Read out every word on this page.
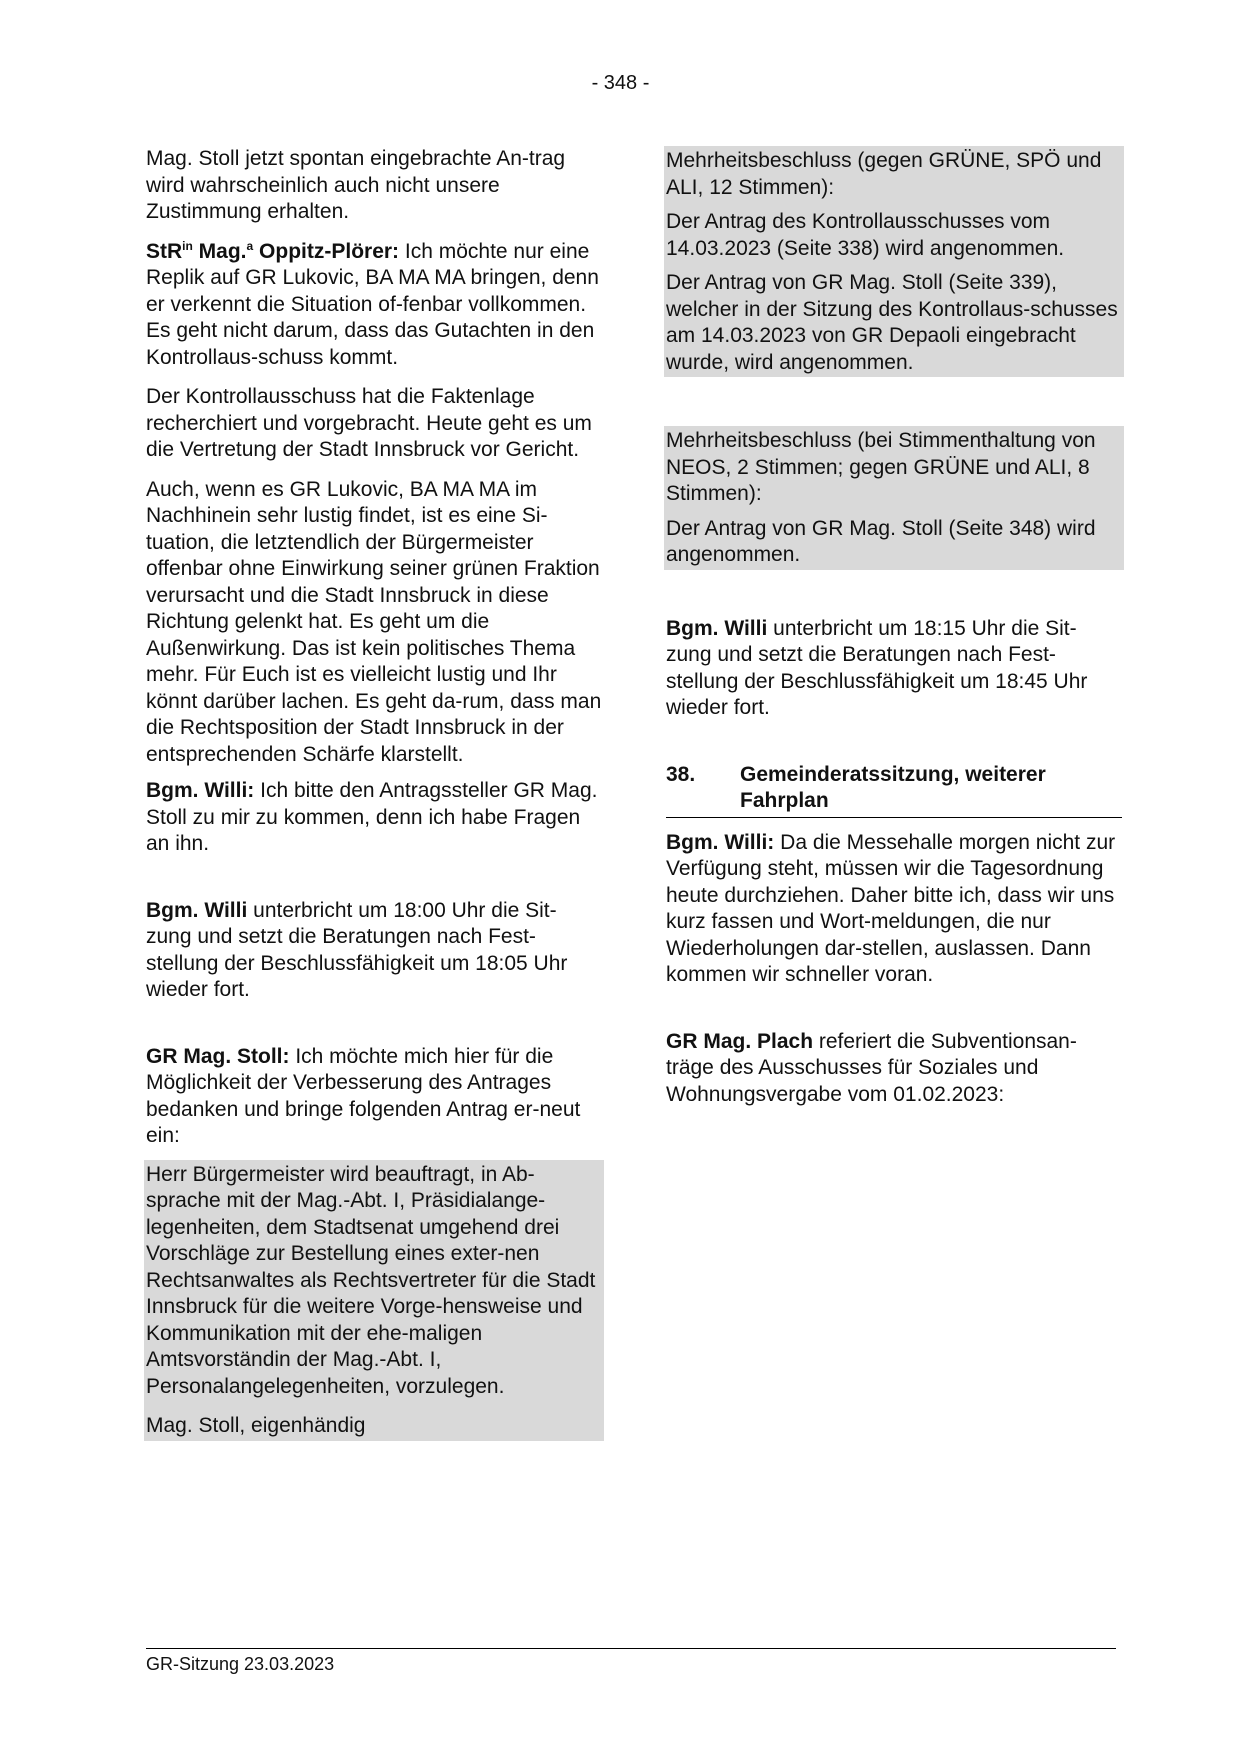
- 348 -

Mag. Stoll jetzt spontan eingebrachte An-trag wird wahrscheinlich auch nicht unsere Zustimmung erhalten.

StR$^{in}$ Mag.$^a$ Oppitz-Plörer: Ich möchte nur eine Replik auf GR Lukovic, BA MA MA bringen, denn er verkennt die Situation of-fenbar vollkommen. Es geht nicht darum, dass das Gutachten in den Kontrollaus-schuss kommt.

Der Kontrollausschuss hat die Faktenlage recherchiert und vorgebracht. Heute geht es um die Vertretung der Stadt Innsbruck vor Gericht.

Auch, wenn es GR Lukovic, BA MA MA im Nachhinein sehr lustig findet, ist es eine Si-tuation, die letztendlich der Bürgermeister offenbar ohne Einwirkung seiner grünen Fraktion verursacht und die Stadt Innsbruck in diese Richtung gelenkt hat. Es geht um die Außenwirkung. Das ist kein politisches Thema mehr. Für Euch ist es vielleicht lustig und Ihr könnt darüber lachen. Es geht da-rum, dass man die Rechtsposition der Stadt Innsbruck in der entsprechenden Schärfe klarstellt.

Bgm. Willi: Ich bitte den Antragssteller GR Mag. Stoll zu mir zu kommen, denn ich habe Fragen an ihn.

Bgm. Willi unterbricht um 18:00 Uhr die Sit-zung und setzt die Beratungen nach Fest-stellung der Beschlussfähigkeit um 18:05 Uhr wieder fort.

GR Mag. Stoll: Ich möchte mich hier für die Möglichkeit der Verbesserung des Antrages bedanken und bringe folgenden Antrag er-neut ein:

Herr Bürgermeister wird beauftragt, in Ab-sprache mit der Mag.-Abt. I, Präsidialange-legenheiten, dem Stadtsenat umgehend drei Vorschläge zur Bestellung eines exter-nen Rechtsanwaltes als Rechtsvertreter für die Stadt Innsbruck für die weitere Vorge-hensweise und Kommunikation mit der ehe-maligen Amtsvorständin der Mag.-Abt. I, Personalangelegenheiten, vorzulegen.

Mag. Stoll, eigenhändig

Mehrheitsbeschluss (gegen GRÜNE, SPÖ und ALI, 12 Stimmen):

Der Antrag des Kontrollausschusses vom 14.03.2023 (Seite 338) wird angenommen.

Der Antrag von GR Mag. Stoll (Seite 339), welcher in der Sitzung des Kontrollaus-schusses am 14.03.2023 von GR Depaoli eingebracht wurde, wird angenommen.

Mehrheitsbeschluss (bei Stimmenthaltung von NEOS, 2 Stimmen; gegen GRÜNE und ALI, 8 Stimmen):

Der Antrag von GR Mag. Stoll (Seite 348) wird angenommen.

Bgm. Willi unterbricht um 18:15 Uhr die Sit-zung und setzt die Beratungen nach Fest-stellung der Beschlussfähigkeit um 18:45 Uhr wieder fort.

38.	Gemeinderatssitzung, weiterer Fahrplan

Bgm. Willi: Da die Messehalle morgen nicht zur Verfügung steht, müssen wir die Tagesordnung heute durchziehen. Daher bitte ich, dass wir uns kurz fassen und Wort-meldungen, die nur Wiederholungen dar-stellen, auslassen. Dann kommen wir schneller voran.

GR Mag. Plach referiert die Subventionsan-träge des Ausschusses für Soziales und Wohnungsvergabe vom 01.02.2023:

GR-Sitzung 23.03.2023
